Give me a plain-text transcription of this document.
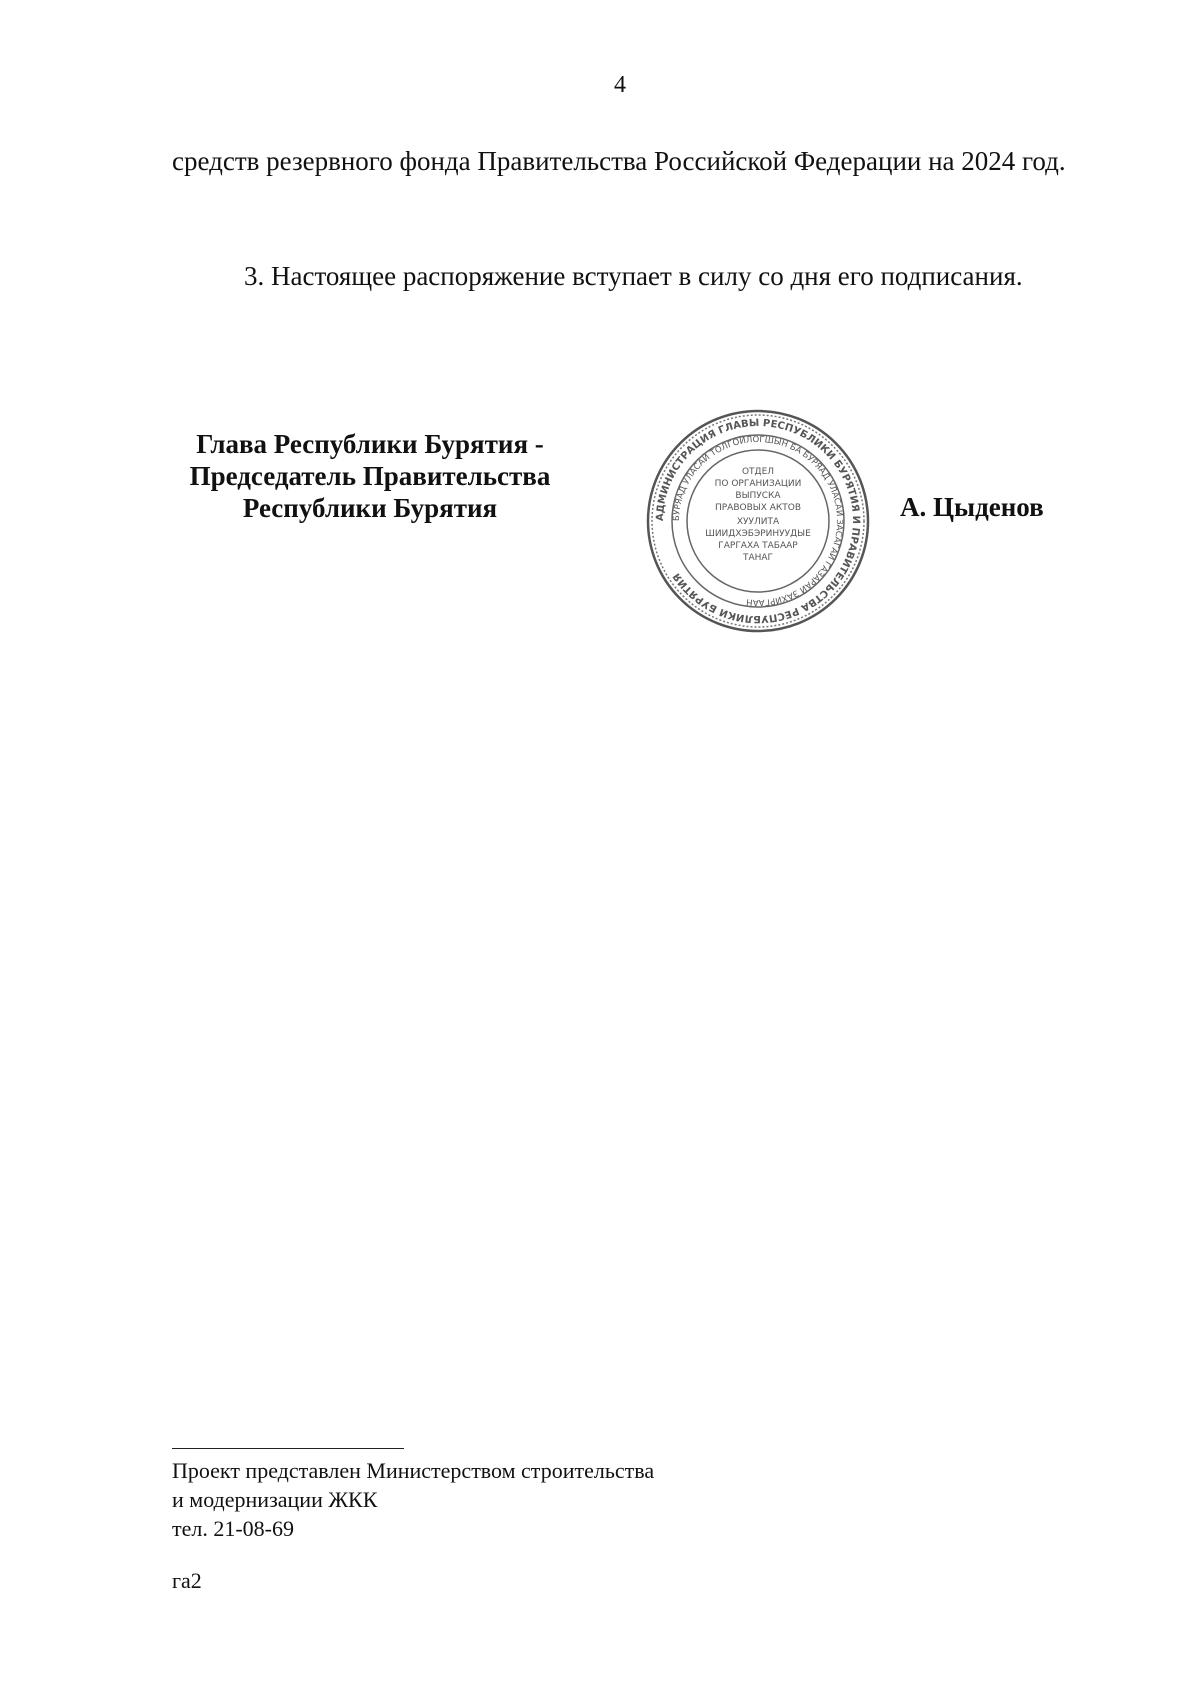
4
средств резервного фонда Правительства Российской Федерации на 2024 год.
3. Настоящее распоряжение вступает в силу со дня его подписания.
Глава Республики Бурятия -
Председатель Правительства
Республики Бурятия	АДМИНИСТРАЦИЯ ГЛАВЫ РЕСПУБЛИКИ БУРЯТИЯ И ПРАВИТЕЛЬСТВА РЕСПУБЛИКИ БУРЯТИЯ
БУРЯАД УЛАСАЙ ТОЛГОЙЛОГШЫН БА БУРЯАД УЛАСАЙ ЗАСАГАЙ ГАЗАРАЙ ЗАХИРГААН
ОТДЕЛ
ПО ОРГАНИЗАЦИИ
ВЫПУСКА
ПРАВОВЫХ АКТОВ
ХУУЛИТА
ШИИДХЭБЭРИНУУДЫЕ
ГАРГАХА ТАБААР
ТАНАГ
А. Цыденов
Проект представлен Министерством строительства
и модернизации ЖКК
тел. 21-08-69
га2
